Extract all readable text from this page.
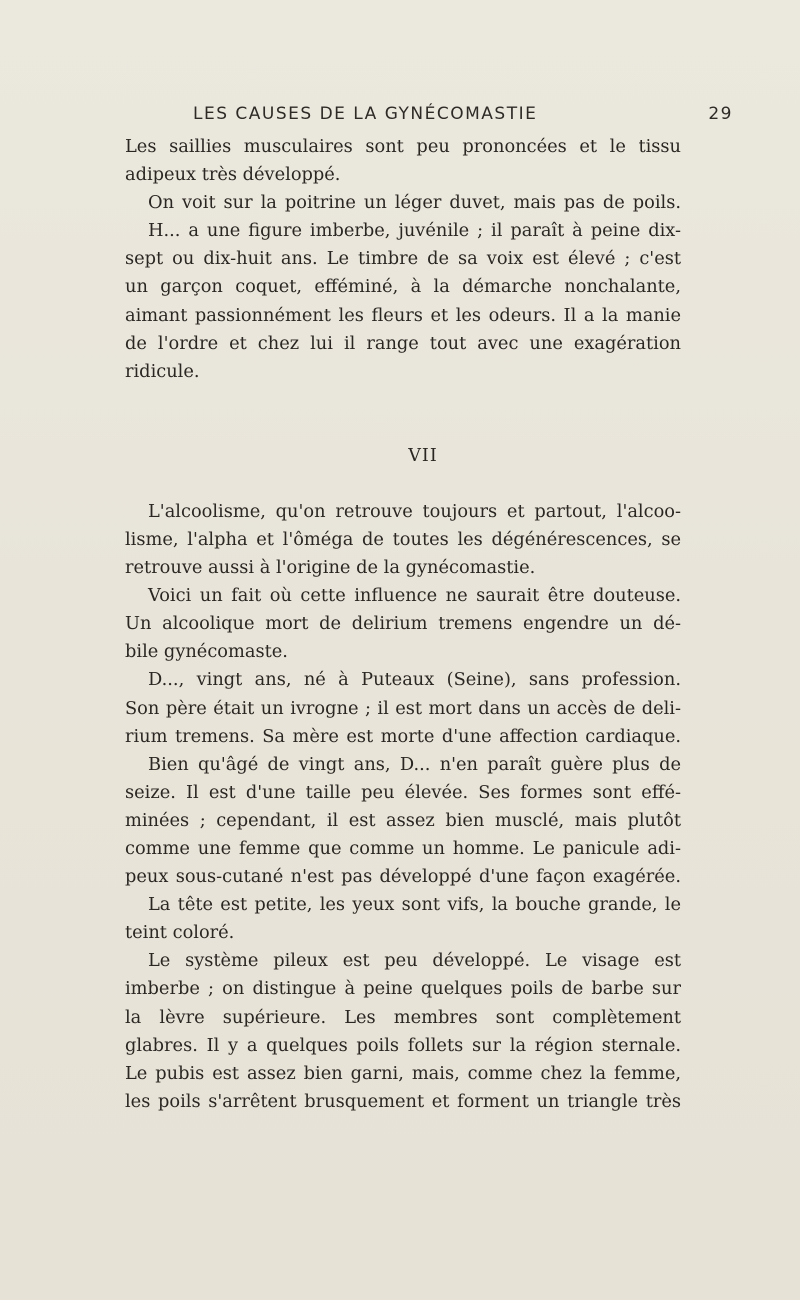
LES CAUSES DE LA GYNÉCOMASTIE	29
Les saillies musculaires sont peu prononcées et le tissu
adipeux très développé.
On voit sur la poitrine un léger duvet, mais pas de poils.
H... a une figure imberbe, juvénile ; il paraît à peine dix-
sept ou dix-huit ans. Le timbre de sa voix est élevé ; c'est
un garçon coquet, efféminé, à la démarche nonchalante,
aimant passionnément les fleurs et les odeurs. Il a la manie
de l'ordre et chez lui il range tout avec une exagération
ridicule.
VII
L'alcoolisme, qu'on retrouve toujours et partout, l'alcoo-
lisme, l'alpha et l'ôméga de toutes les dégénérescences, se
retrouve aussi à l'origine de la gynécomastie.
Voici un fait où cette influence ne saurait être douteuse.
Un alcoolique mort de delirium tremens engendre un dé-
bile gynécomaste.
D..., vingt ans, né à Puteaux (Seine), sans profession.
Son père était un ivrogne ; il est mort dans un accès de deli-
rium tremens. Sa mère est morte d'une affection cardiaque.
Bien qu'âgé de vingt ans, D... n'en paraît guère plus de
seize. Il est d'une taille peu élevée. Ses formes sont effé-
minées ; cependant, il est assez bien musclé, mais plutôt
comme une femme que comme un homme. Le panicule adi-
peux sous-cutané n'est pas développé d'une façon exagérée.
La tête est petite, les yeux sont vifs, la bouche grande, le
teint coloré.
Le système pileux est peu développé. Le visage est
imberbe ; on distingue à peine quelques poils de barbe sur
la lèvre supérieure. Les membres sont complètement
glabres. Il y a quelques poils follets sur la région sternale.
Le pubis est assez bien garni, mais, comme chez la femme,
les poils s'arrêtent brusquement et forment un triangle très
